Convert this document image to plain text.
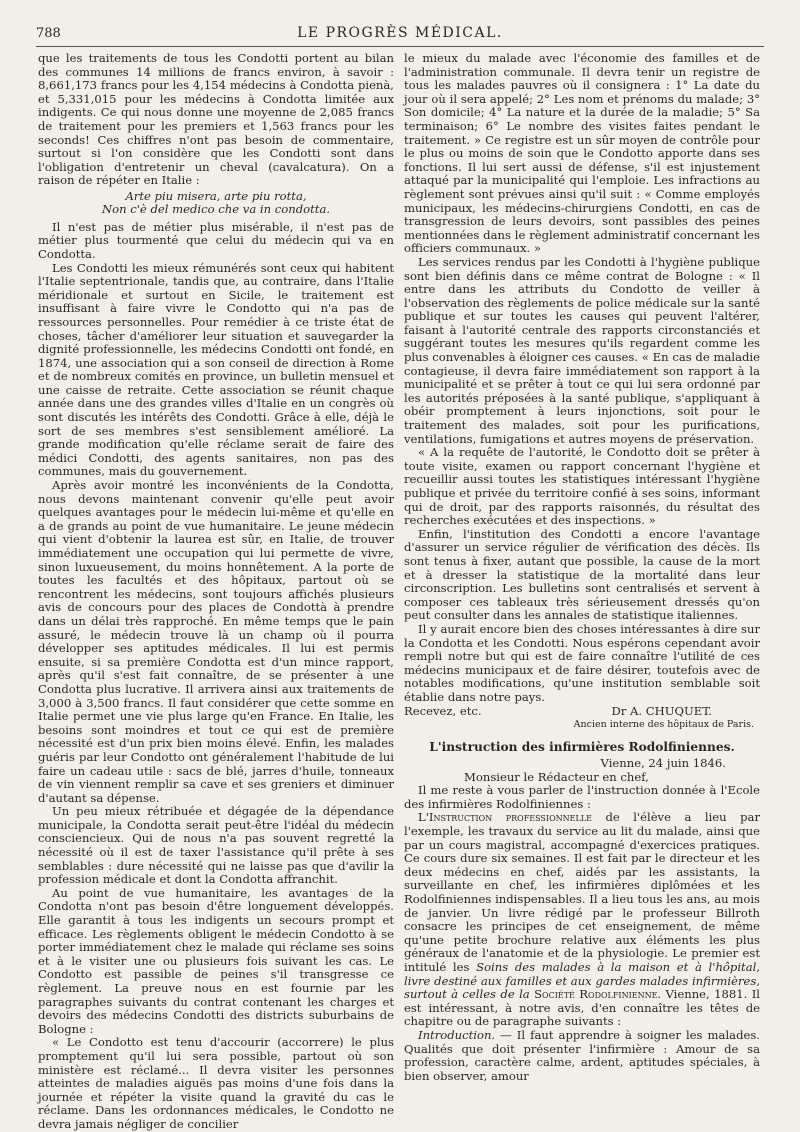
788	LE PROGRÈS MÉDICAL.

que les traitements de tous les Condotti portent au bilan des communes 14 millions de francs environ, à savoir : 8,661,173 francs pour les 4,154 médecins à Condotta pienà, et 5,331,015 pour les médecins à Condotta limitée aux indigents. Ce qui nous donne une moyenne de 2,085 francs de traitement pour les premiers et 1,563 francs pour les seconds! Ces chiffres n'ont pas besoin de commentaire, surtout si l'on considère que les Condotti sont dans l'obligation d'entretenir un cheval (cavalcatura). On a raison de répéter en Italie :

Arte piu misera, arte piu rotta,
Non c'è del medico che va in condotta.

Il n'est pas de métier plus misérable, il n'est pas de métier plus tourmenté que celui du médecin qui va en Condotta.

Les Condotti les mieux rémunérés sont ceux qui habitent l'Italie septentrionale, tandis que, au contraire, dans l'Italie méridionale et surtout en Sicile, le traitement est insuffisant à faire vivre le Condotto qui n'a pas de ressources personnelles. Pour remédier à ce triste état de choses, tâcher d'améliorer leur situation et sauvegarder la dignité professionnelle, les médecins Condotti ont fondé, en 1874, une association qui a son conseil de direction à Rome et de nombreux comités en province, un bulletin mensuel et une caisse de retraite. Cette association se réunit chaque année dans une des grandes villes d'Italie en un congrès où sont discutés les intérêts des Condotti. Grâce à elle, déjà le sort de ses membres s'est sensiblement amélioré. La grande modification qu'elle réclame serait de faire des médici Condotti, des agents sanitaires, non pas des communes, mais du gouvernement.

Après avoir montré les inconvénients de la Condotta, nous devons maintenant convenir qu'elle peut avoir quelques avantages pour le médecin lui-même et qu'elle en a de grands au point de vue humanitaire. Le jeune médecin qui vient d'obtenir la laurea est sûr, en Italie, de trouver immédiatement une occupation qui lui permette de vivre, sinon luxueusement, du moins honnêtement. A la porte de toutes les facultés et des hôpitaux, partout où se rencontrent les médecins, sont toujours affichés plusieurs avis de concours pour des places de Condottà à prendre dans un délai très rapproché. En même temps que le pain assuré, le médecin trouve là un champ où il pourra développer ses aptitudes médicales. Il lui est permis ensuite, si sa première Condotta est d'un mince rapport, après qu'il s'est fait connaître, de se présenter à une Condotta plus lucrative. Il arrivera ainsi aux traitements de 3,000 à 3,500 francs. Il faut considérer que cette somme en Italie permet une vie plus large qu'en France. En Italie, les besoins sont moindres et tout ce qui est de première nécessité est d'un prix bien moins élevé. Enfin, les malades guéris par leur Condotto ont généralement l'habitude de lui faire un cadeau utile : sacs de blé, jarres d'huile, tonneaux de vin viennent remplir sa cave et ses greniers et diminuer d'autant sa dépense.

Un peu mieux rétribuée et dégagée de la dépendance municipale, la Condotta serait peut-être l'idéal du médecin consciencieux. Qui de nous n'a pas souvent regretté la nécessité où il est de taxer l'assistance qu'il prête à ses semblables : dure nécessité qui ne laisse pas que d'avilir la profession médicale et dont la Condotta affranchit.

Au point de vue humanitaire, les avantages de la Condotta n'ont pas besoin d'être longuement développés. Elle garantit à tous les indigents un secours prompt et efficace. Les règlements obligent le médecin Condotto à se porter immédiatement chez le malade qui réclame ses soins et à le visiter une ou plusieurs fois suivant les cas. Le Condotto est passible de peines s'il transgresse ce règlement. La preuve nous en est fournie par les paragraphes suivants du contrat contenant les charges et devoirs des médecins Condotti des districts suburbains de Bologne :

« Le Condotto est tenu d'accourir (accorrere) le plus promptement qu'il lui sera possible, partout où son ministère est réclamé... Il devra visiter les personnes atteintes de maladies aiguës pas moins d'une fois dans la journée et répéter la visite quand la gravité du cas le réclame. Dans les ordonnances médicales, le Condotto ne devra jamais négliger de concilier

le mieux du malade avec l'économie des familles et de l'administration communale. Il devra tenir un registre de tous les malades pauvres où il consignera : 1° La date du jour où il sera appelé; 2° Les nom et prénoms du malade; 3° Son domicile; 4° La nature et la durée de la maladie; 5° Sa terminaison; 6° Le nombre des visites faites pendant le traitement. » Ce registre est un sûr moyen de contrôle pour le plus ou moins de soin que le Condotto apporte dans ses fonctions. Il lui sert aussi de défense, s'il est injustement attaqué par la municipalité qui l'emploie. Les infractions au règlement sont prévues ainsi qu'il suit : « Comme employés municipaux, les médecins-chirurgiens Condotti, en cas de transgression de leurs devoirs, sont passibles des peines mentionnées dans le règlement administratif concernant les officiers communaux. »

Les services rendus par les Condotti à l'hygiène publique sont bien définis dans ce même contrat de Bologne : « Il entre dans les attributs du Condotto de veiller à l'observation des règlements de police médicale sur la santé publique et sur toutes les causes qui peuvent l'altérer, faisant à l'autorité centrale des rapports circonstanciés et suggérant toutes les mesures qu'ils regardent comme les plus convenables à éloigner ces causes. « En cas de maladie contagieuse, il devra faire immédiatement son rapport à la municipalité et se prêter à tout ce qui lui sera ordonné par les autorités préposées à la santé publique, s'appliquant à obéir promptement à leurs injonctions, soit pour le traitement des malades, soit pour les purifications, ventilations, fumigations et autres moyens de préservation.

« A la requête de l'autorité, le Condotto doit se prêter à toute visite, examen ou rapport concernant l'hygiène et recueillir aussi toutes les statistiques intéressant l'hygiène publique et privée du territoire confié à ses soins, informant qui de droit, par des rapports raisonnés, du résultat des recherches exécutées et des inspections. »

Enfin, l'institution des Condotti a encore l'avantage d'assurer un service régulier de vérification des décès. Ils sont tenus à fixer, autant que possible, la cause de la mort et à dresser la statistique de la mortalité dans leur circonscription. Les bulletins sont centralisés et servent à composer ces tableaux très sérieusement dressés qu'on peut consulter dans les annales de statistique italiennes.

Il y aurait encore bien des choses intéressantes à dire sur la Condotta et les Condotti. Nous espérons cependant avoir rempli notre but qui est de faire connaître l'utilité de ces médecins municipaux et de faire désirer, toutefois avec de notables modifications, qu'une institution semblable soit établie dans notre pays.

Recevez, etc.	Dr A. CHUQUET.
Ancien interne des hôpitaux de Paris.
L'instruction des infirmières Rodolfiniennes.
Vienne, 24 juin 1846.

Monsieur le Rédacteur en chef,

Il me reste à vous parler de l'instruction donnée à l'Ecole des infirmières Rodolfiniennes :

L'Instruction professionnelle de l'élève a lieu par l'exemple, les travaux du service au lit du malade, ainsi que par un cours magistral, accompagné d'exercices pratiques. Ce cours dure six semaines. Il est fait par le directeur et les deux médecins en chef, aidés par les assistants, la surveillante en chef, les infirmières diplômées et les Rodolfiniennes indispensables. Il a lieu tous les ans, au mois de janvier. Un livre rédigé par le professeur Billroth consacre les principes de cet enseignement, de même qu'une petite brochure relative aux éléments les plus généraux de l'anatomie et de la physiologie. Le premier est intitulé les Soins des malades à la maison et à l'hôpital, livre destiné aux familles et aux gardes malades infirmières, surtout à celles de la Société Rodolfinienne. Vienne, 1881. Il est intéressant, à notre avis, d'en connaître les têtes de chapitre ou de paragraphe suivants :

Introduction. — Il faut apprendre à soigner les malades. Qualités que doit présenter l'infirmière : Amour de sa profession, caractère calme, ardent, aptitudes spéciales, à bien observer, amour
